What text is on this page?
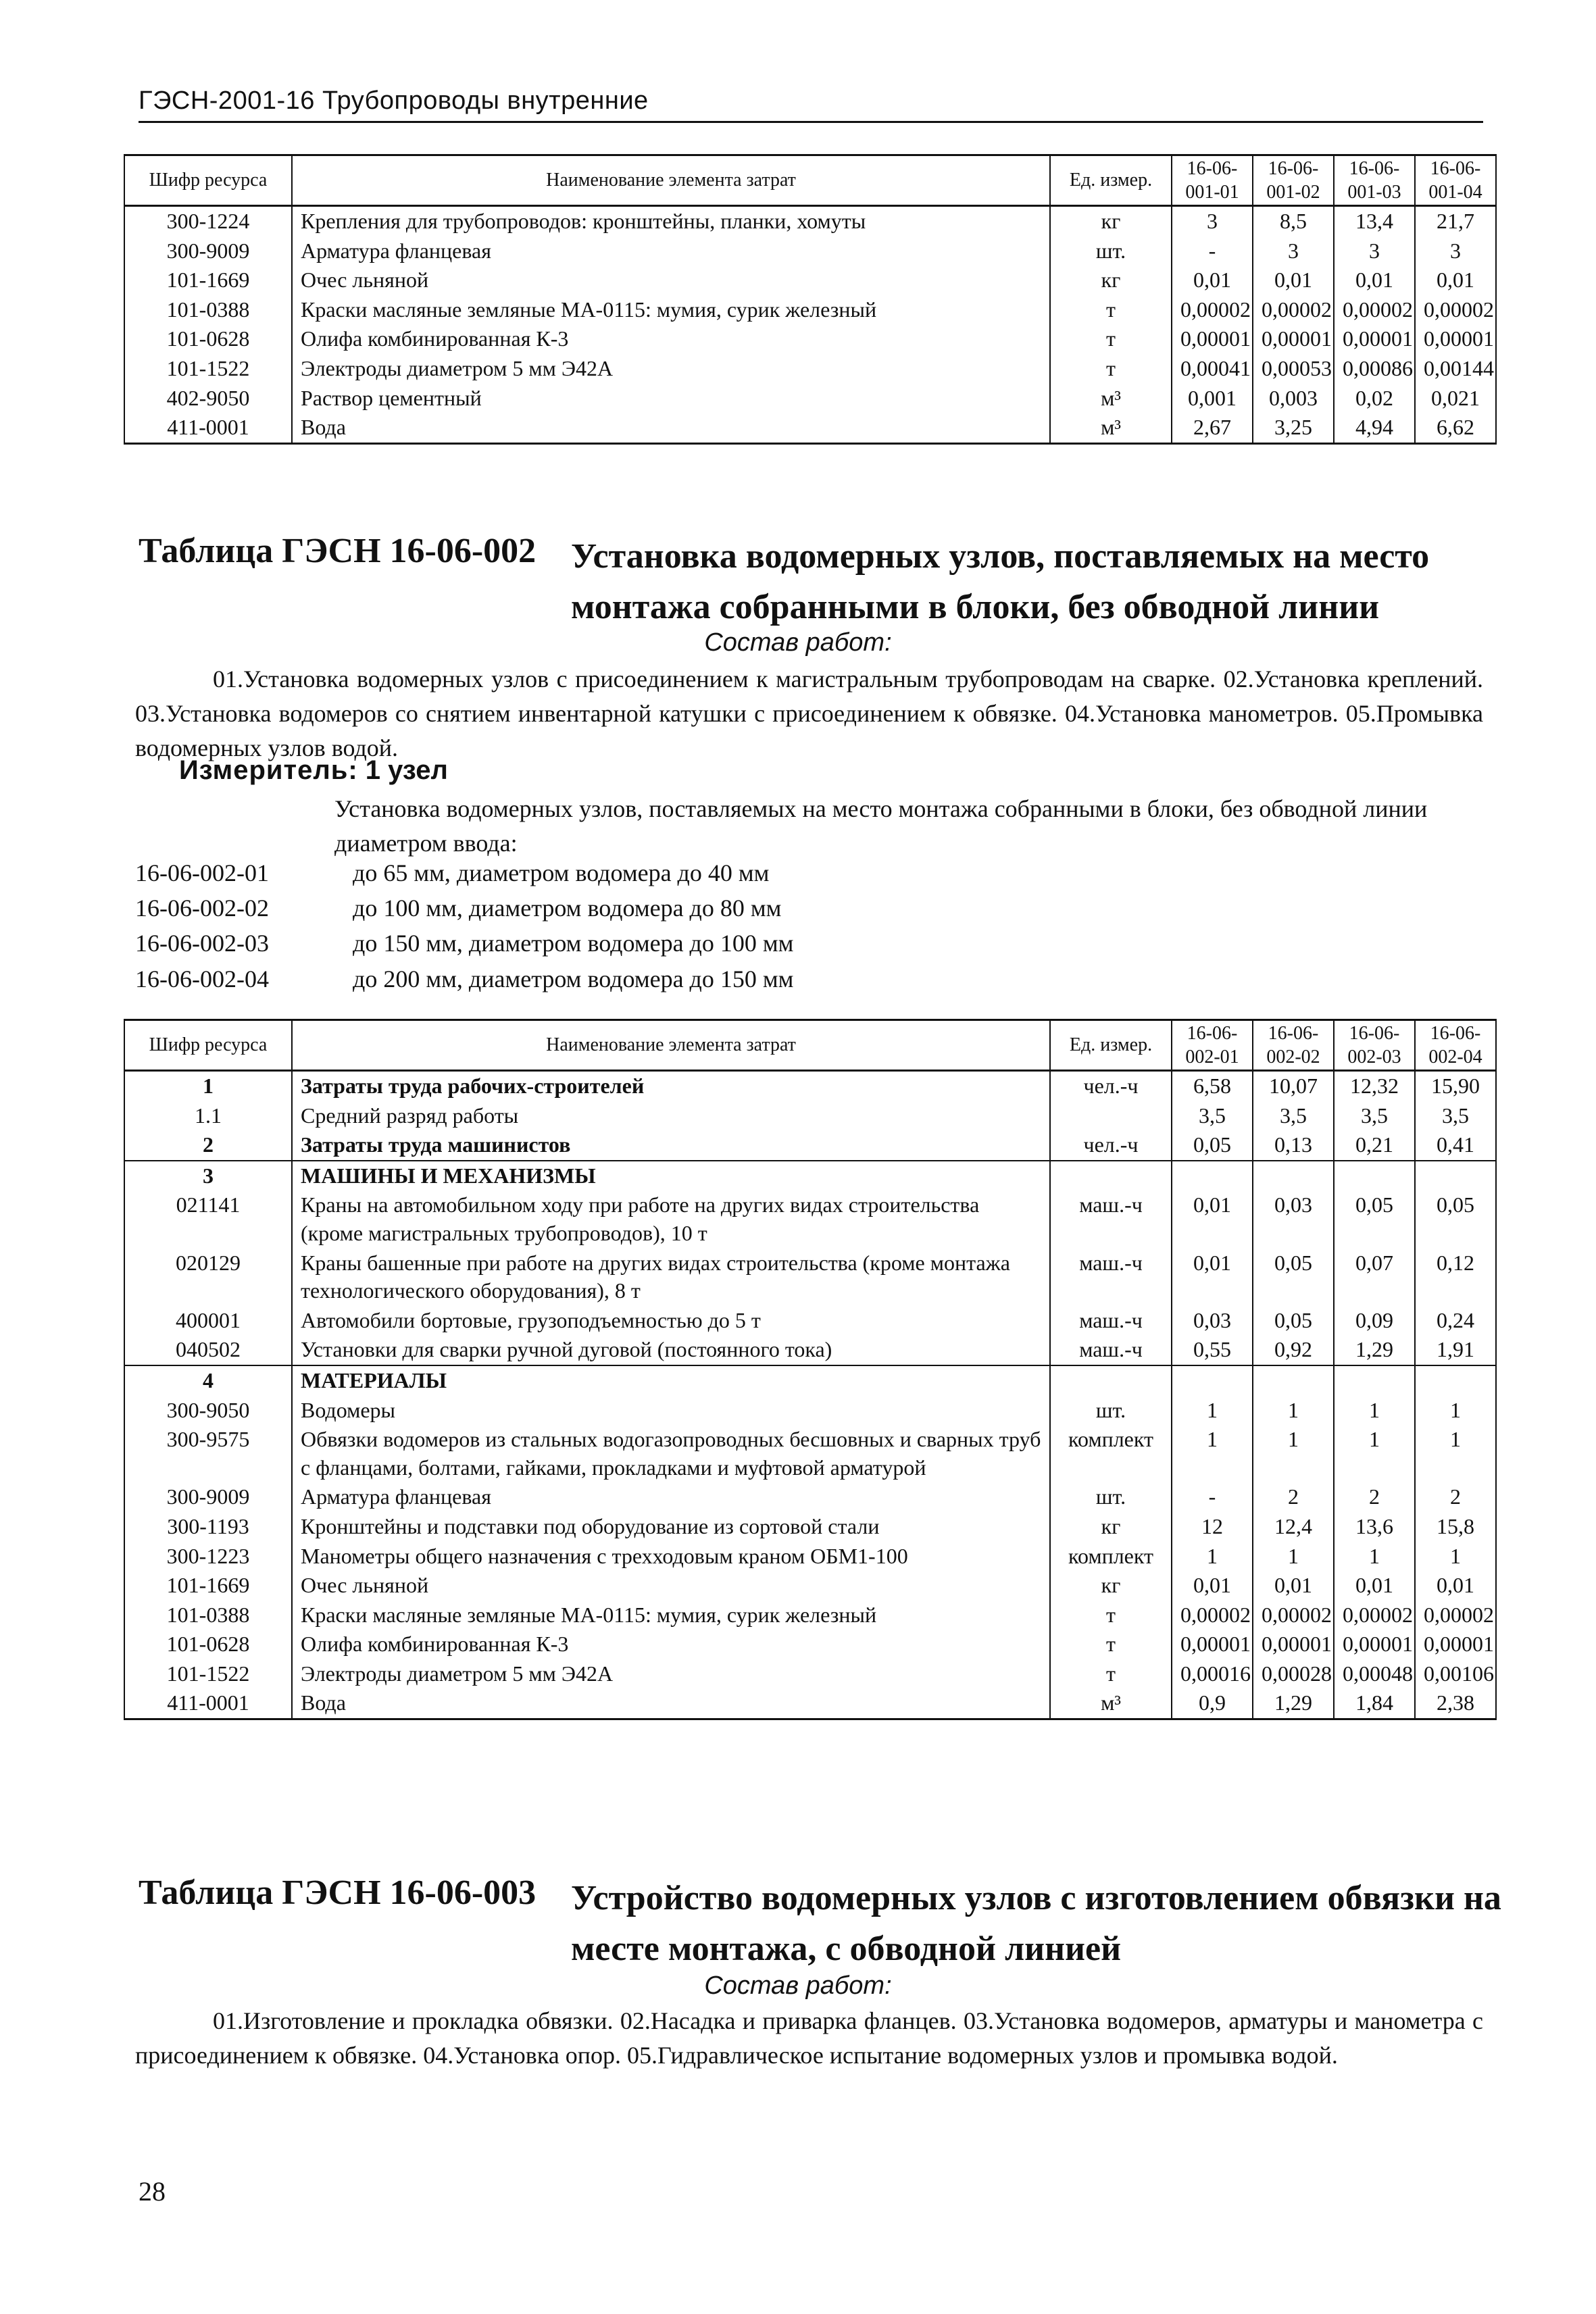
ГЭСН-2001-16 Трубопроводы внутренние
Шифр ресурса	Наименование элемента затрат	Ед. измер.	16-06-001-01	16-06-001-02	16-06-001-03	16-06-001-04

300-1224	Крепления для трубопроводов: кронштейны, планки, хомуты	кг	3	8,5	13,4	21,7
300-9009	Арматура фланцевая	шт.	-	3	3	3
101-1669	Очес льняной	кг	0,01	0,01	0,01	0,01
101-0388	Краски масляные земляные МА-0115: мумия, сурик железный	т	0,00002	0,00002	0,00002	0,00002
101-0628	Олифа комбинированная К-3	т	0,00001	0,00001	0,00001	0,00001
101-1522	Электроды диаметром 5 мм Э42А	т	0,00041	0,00053	0,00086	0,00144
402-9050	Раствор цементный	м³	0,001	0,003	0,02	0,021
411-0001	Вода	м³	2,67	3,25	4,94	6,62
Таблица ГЭСН 16-06-002 Установка водомерных узлов, поставляемых на место монтажа собранными в блоки, без обводной линии
Состав работ:
01.Установка водомерных узлов с присоединением к магистральным трубопроводам на сварке. 02.Установка креплений. 03.Установка водомеров со снятием инвентарной катушки с присоединением к обвязке. 04.Установка манометров. 05.Промывка водомерных узлов водой.
Измеритель: 1 узел
Установка водомерных узлов, поставляемых на место монтажа собранными в блоки, без обводной линии диаметром ввода:
16-06-002-01	до 65 мм, диаметром водомера до 40 мм
16-06-002-02	до 100 мм, диаметром водомера до 80 мм
16-06-002-03	до 150 мм, диаметром водомера до 100 мм
16-06-002-04	до 200 мм, диаметром водомера до 150 мм
Шифр ресурса	Наименование элемента затрат	Ед. измер.	16-06-002-01	16-06-002-02	16-06-002-03	16-06-002-04

1	Затраты труда рабочих-строителей	чел.-ч	6,58	10,07	12,32	15,90
1.1	Средний разряд работы		3,5	3,5	3,5	3,5
2	Затраты труда машинистов	чел.-ч	0,05	0,13	0,21	0,41
3	МАШИНЫ И МЕХАНИЗМЫ					
021141	Краны на автомобильном ходу при работе на других видах строительства (кроме магистральных трубопроводов), 10 т	маш.-ч	0,01	0,03	0,05	0,05
020129	Краны башенные при работе на других видах строительства (кроме монтажа технологического оборудования), 8 т	маш.-ч	0,01	0,05	0,07	0,12
400001	Автомобили бортовые, грузоподъемностью до 5 т	маш.-ч	0,03	0,05	0,09	0,24
040502	Установки для сварки ручной дуговой (постоянного тока)	маш.-ч	0,55	0,92	1,29	1,91
4	МАТЕРИАЛЫ					
300-9050	Водомеры	шт.	1	1	1	1
300-9575	Обвязки водомеров из стальных водогазопроводных бесшовных и сварных труб с фланцами, болтами, гайками, прокладками и муфтовой арматурой	комплект	1	1	1	1
300-9009	Арматура фланцевая	шт.	-	2	2	2
300-1193	Кронштейны и подставки под оборудование из сортовой стали	кг	12	12,4	13,6	15,8
300-1223	Манометры общего назначения с трехходовым краном ОБМ1-100	комплект	1	1	1	1
101-1669	Очес льняной	кг	0,01	0,01	0,01	0,01
101-0388	Краски масляные земляные МА-0115: мумия, сурик железный	т	0,00002	0,00002	0,00002	0,00002
101-0628	Олифа комбинированная К-3	т	0,00001	0,00001	0,00001	0,00001
101-1522	Электроды диаметром 5 мм Э42А	т	0,00016	0,00028	0,00048	0,00106
411-0001	Вода	м³	0,9	1,29	1,84	2,38
Таблица ГЭСН 16-06-003 Устройство водомерных узлов с изготовлением обвязки на месте монтажа, с обводной линией
Состав работ:
01.Изготовление и прокладка обвязки. 02.Насадка и приварка фланцев. 03.Установка водомеров, арматуры и манометра с присоединением к обвязке. 04.Установка опор. 05.Гидравлическое испытание водомерных узлов и промывка водой.
28
